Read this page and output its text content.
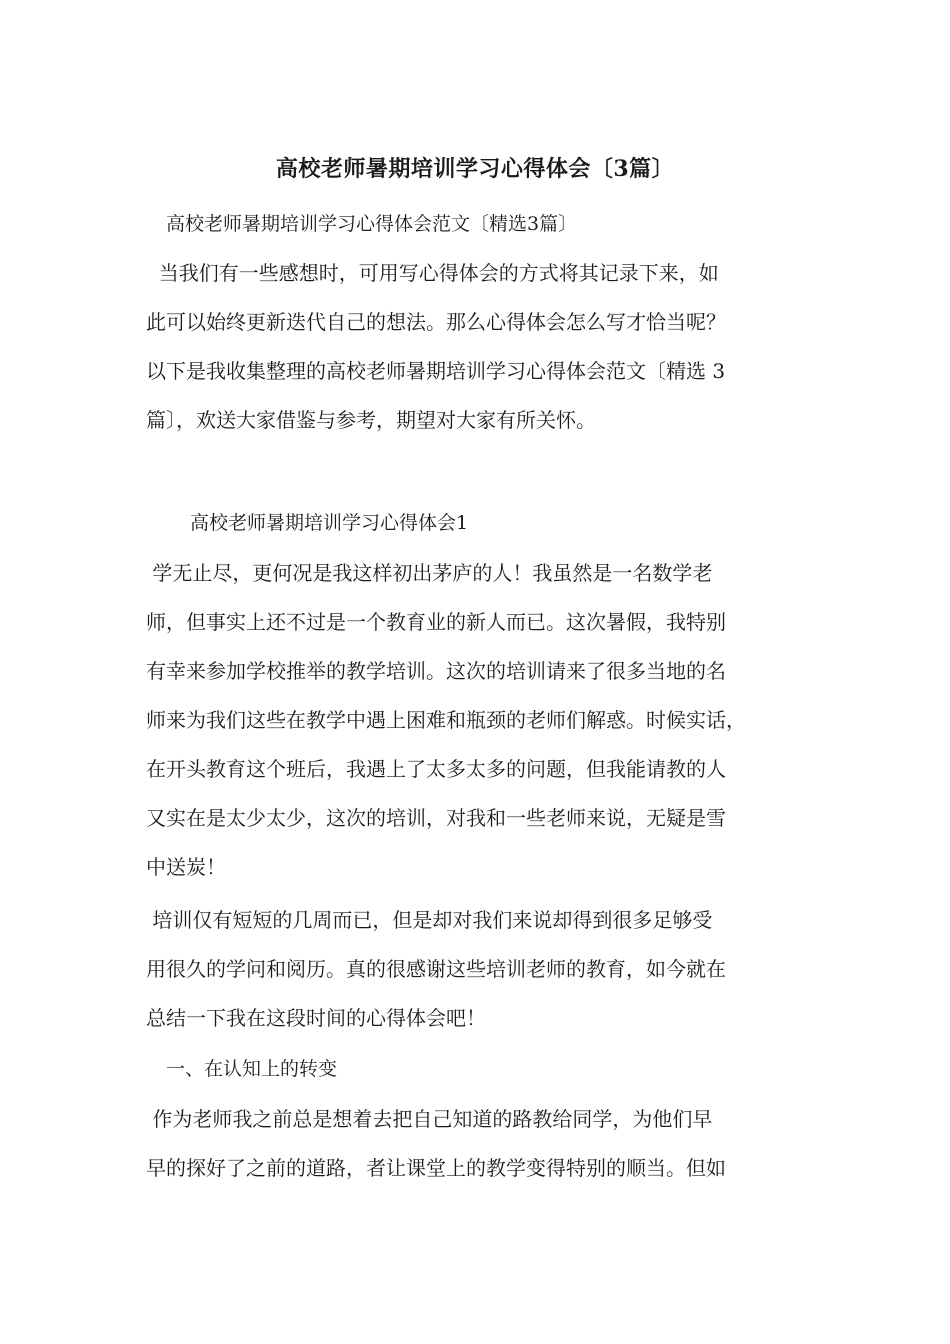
高校老师暑期培训学习心得体会〔3篇〕
高校老师暑期培训学习心得体会范文〔精选3篇〕
当我们有一些感想时，可用写心得体会的方式将其记录下来，如
此可以始终更新迭代自己的想法。那么心得体会怎么写才恰当呢？
以下是我收集整理的高校老师暑期培训学习心得体会范文〔精选 3
篇〕，欢送大家借鉴与参考，期望对大家有所关怀。
高校老师暑期培训学习心得体会1
学无止尽，更何况是我这样初出茅庐的人！我虽然是一名数学老
师，但事实上还不过是一个教育业的新人而已。这次暑假，我特别
有幸来参加学校推举的教学培训。这次的培训请来了很多当地的名
师来为我们这些在教学中遇上困难和瓶颈的老师们解惑。时候实话，
在开头教育这个班后，我遇上了太多太多的问题，但我能请教的人
又实在是太少太少，这次的培训，对我和一些老师来说，无疑是雪
中送炭！
培训仅有短短的几周而已，但是却对我们来说却得到很多足够受
用很久的学问和阅历。真的很感谢这些培训老师的教育，如今就在
总结一下我在这段时间的心得体会吧！
一、在认知上的转变
作为老师我之前总是想着去把自己知道的路教给同学，为他们早
早的探好了之前的道路，者让课堂上的教学变得特别的顺当。但如
